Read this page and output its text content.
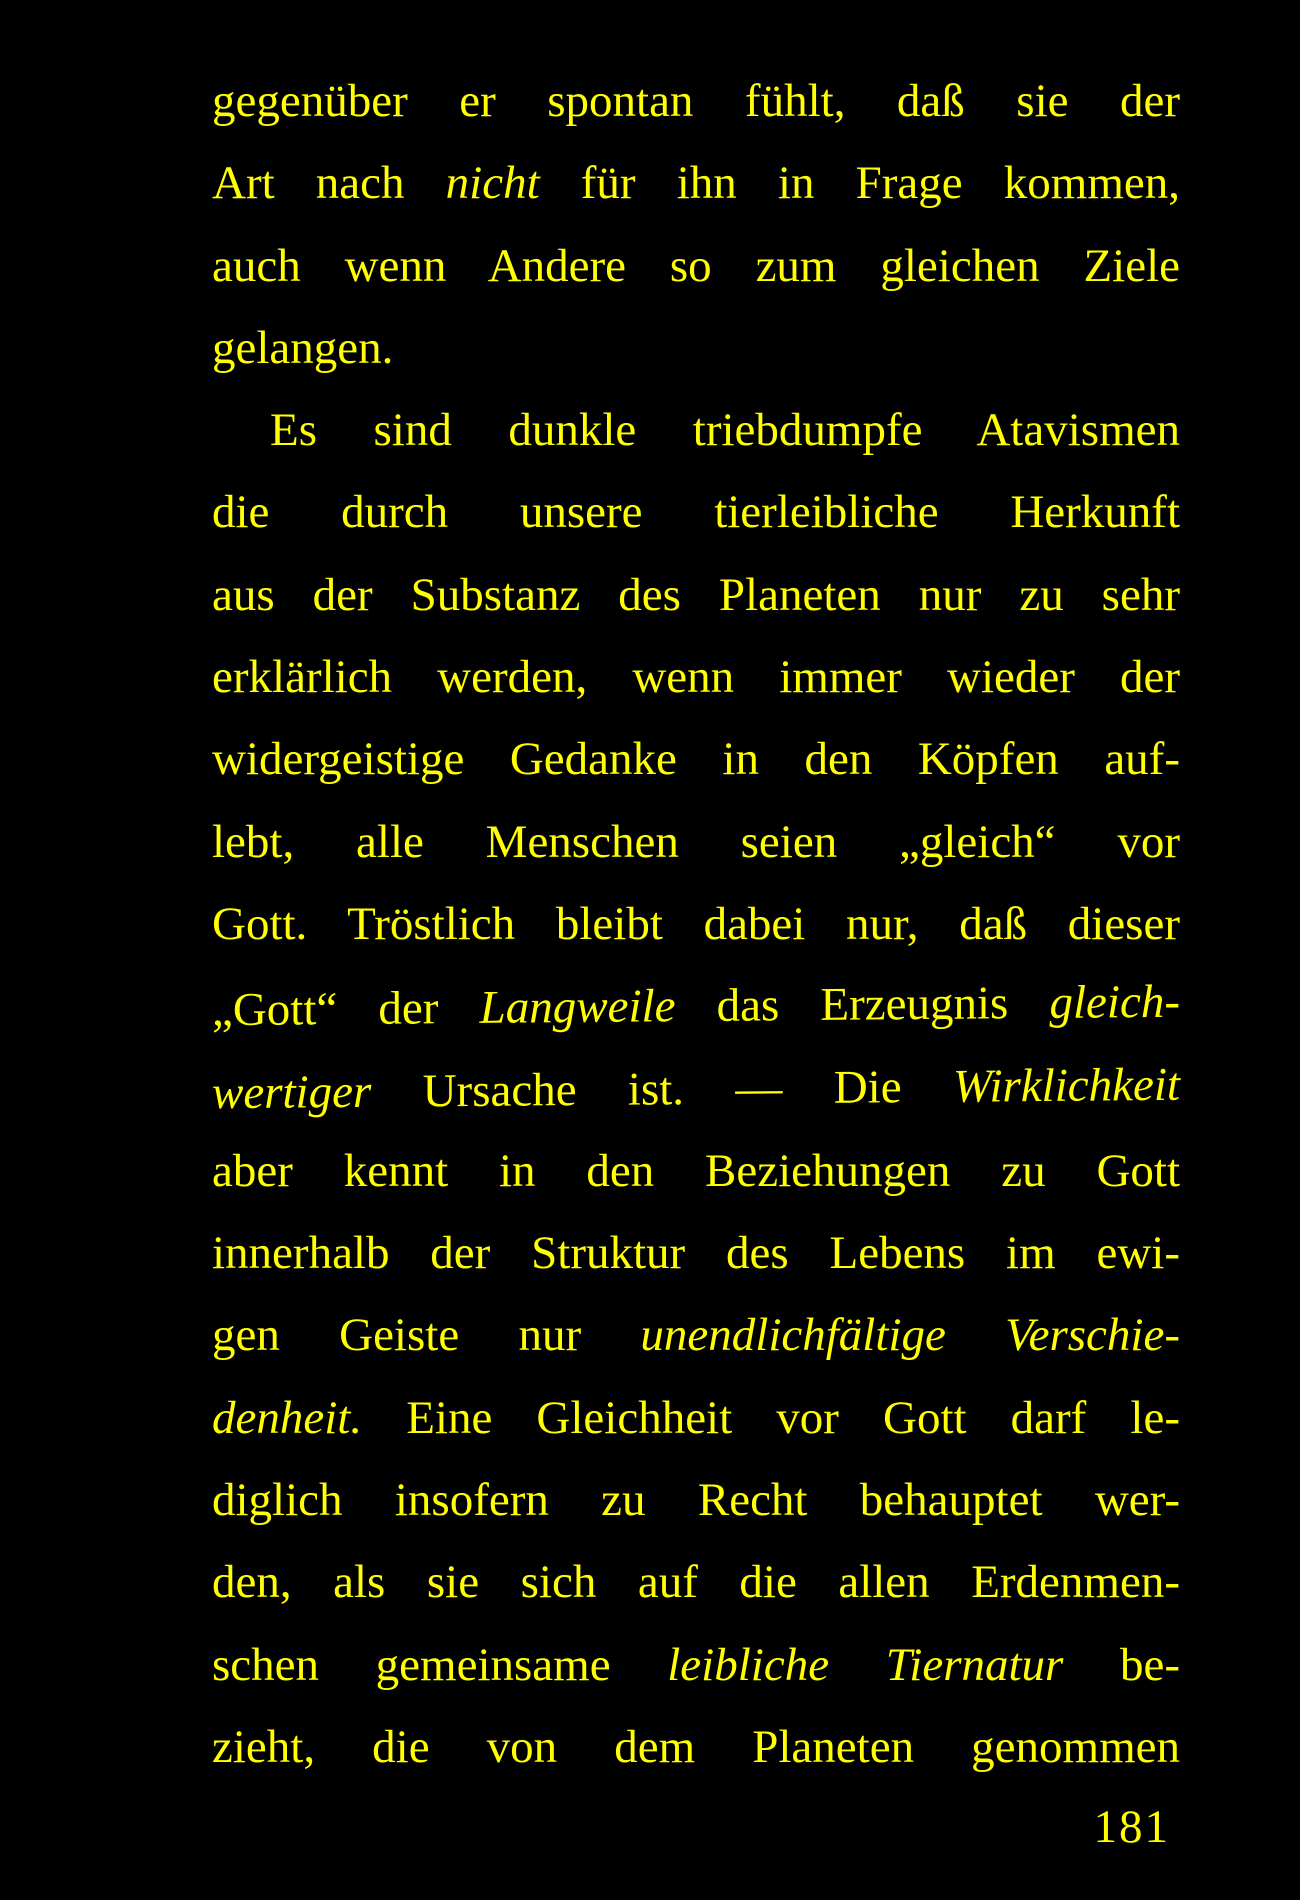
gegenüber er spontan fühlt, daß sie der
Art nach nicht für ihn in Frage kommen,
auch wenn Andere so zum gleichen Ziele
gelangen.
Es sind dunkle triebdumpfe Atavismen
die durch unsere tierleibliche Herkunft
aus der Substanz des Planeten nur zu sehr
erklärlich werden, wenn immer wieder der
widergeistige Gedanke in den Köpfen auf-
lebt, alle Menschen seien „gleich“ vor
Gott. Tröstlich bleibt dabei nur, daß dieser
„Gott“ der Langweile das Erzeugnis gleich-
wertiger Ursache ist. — Die Wirklichkeit
aber kennt in den Beziehungen zu Gott
innerhalb der Struktur des Lebens im ewi-
gen Geiste nur unendlichfältige Verschie-
denheit. Eine Gleichheit vor Gott darf le-
diglich insofern zu Recht behauptet wer-
den, als sie sich auf die allen Erdenmen-
schen gemeinsame leibliche Tiernatur be-
zieht, die von dem Planeten genommen
181
